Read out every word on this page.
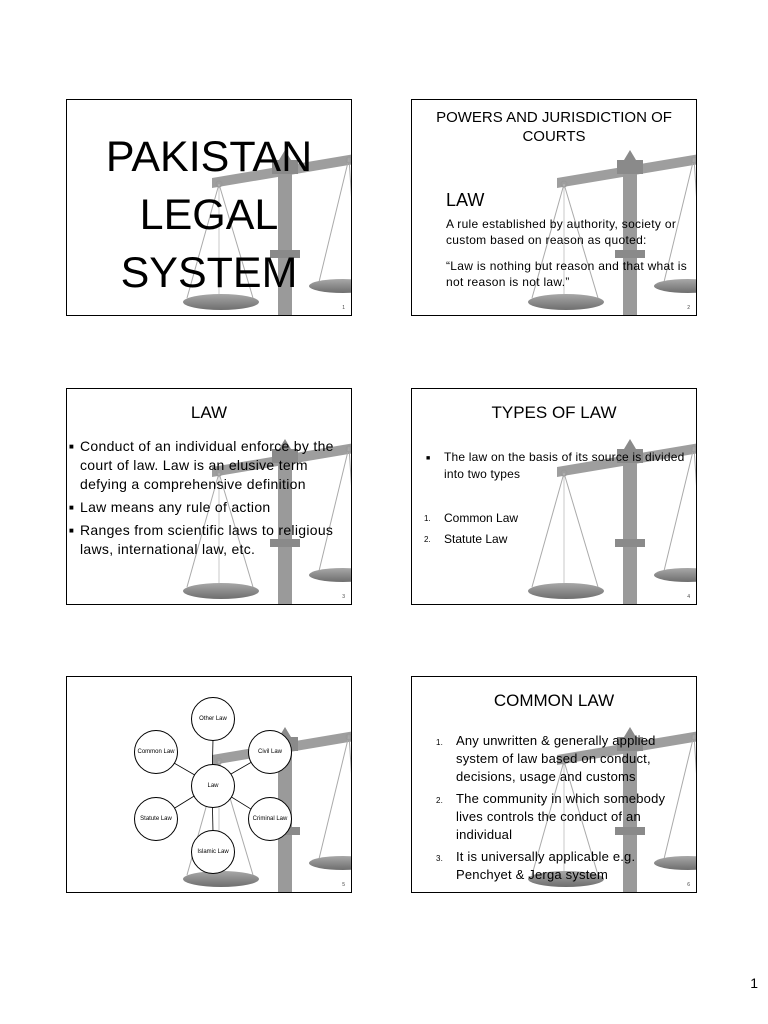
PAKISTAN
LEGAL
SYSTEM
1
POWERS AND JURISDICTION OF COURTS
LAW
A rule established by authority, society or custom based on reason as quoted:
“Law is nothing but reason and that what is not reason is not law.”
2
LAW
■ Conduct of an individual enforce by the court of law. Law is an elusive term defying a comprehensive definition
■ Law means any rule of action
■ Ranges from scientific laws to religious laws, international law, etc.
3
TYPES OF LAW
■ The law on the basis of its source is divided into two types
1. Common Law
2. Statute Law
4
Other Law
Common Law	Civil Law
Law
Statute Law	Criminal Law
Islamic Law
5
COMMON LAW
1. Any unwritten & generally applied system of law based on conduct, decisions, usage and customs
2. The community in which somebody lives controls the conduct of an individual
3. It is universally applicable e.g. Penchyet & Jerga system
6
1
